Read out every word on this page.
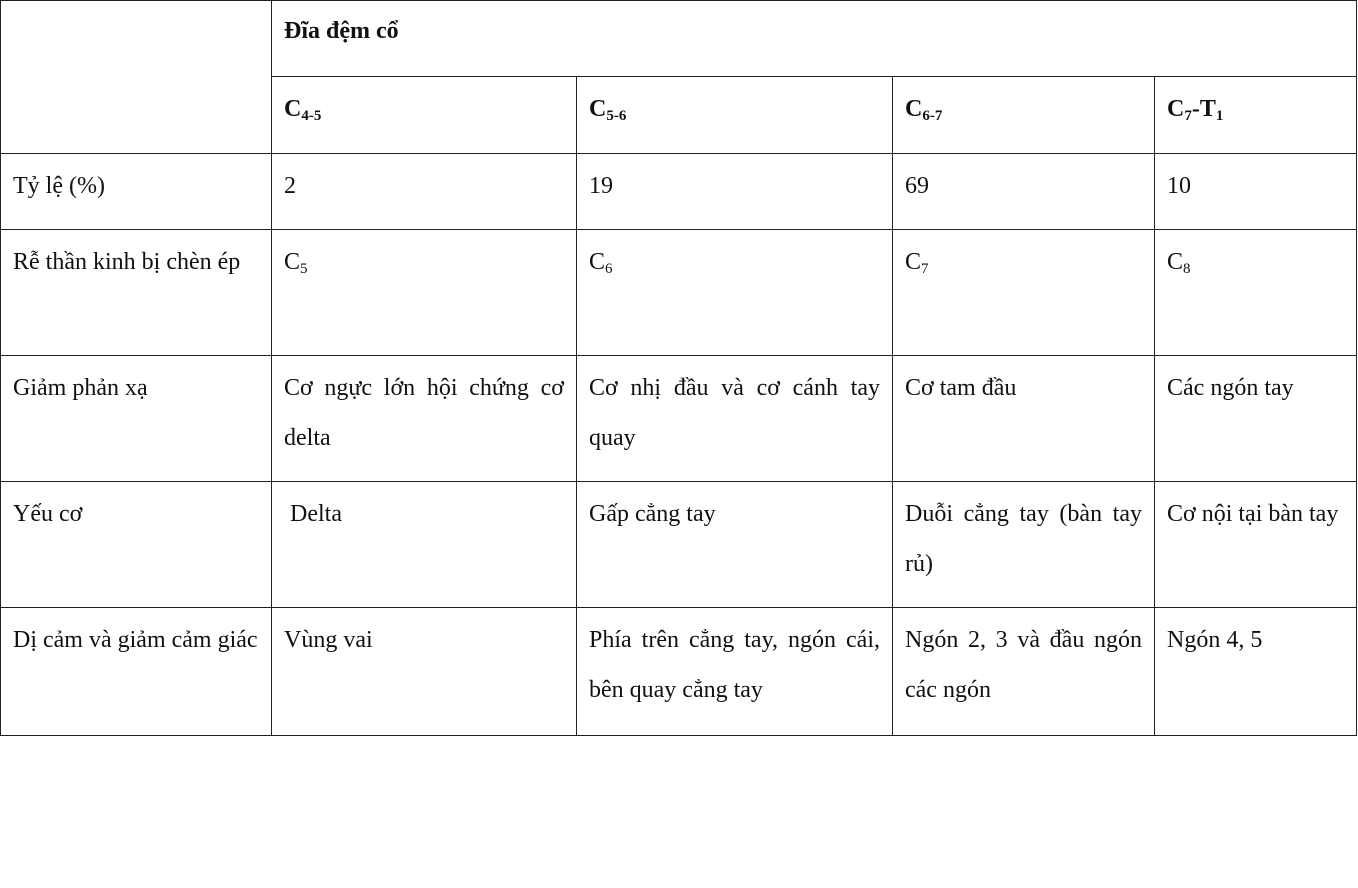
	Đĩa đệm cổ			
	C4-5	C5-6	C6-7	C7-T1
Tỷ lệ (%)	2	19	69	10
Rễ thần kinh bị chèn ép	$C_5$	$C_6$	$C_7$	$C_8$
Giảm phản xạ	Cơ ngực lớn hội chứng cơ delta	Cơ nhị đầu và cơ cánh tay quay	Cơ tam đầu	Các ngón tay
Yếu cơ	Delta	Gấp cẳng tay	Duỗi cẳng tay (bàn tay rủ)	Cơ nội tại bàn tay
Dị cảm và giảm cảm giác	Vùng vai	Phía trên cẳng tay, ngón cái, bên quay cẳng tay	Ngón 2, 3 và đầu ngón các ngón	Ngón 4, 5
